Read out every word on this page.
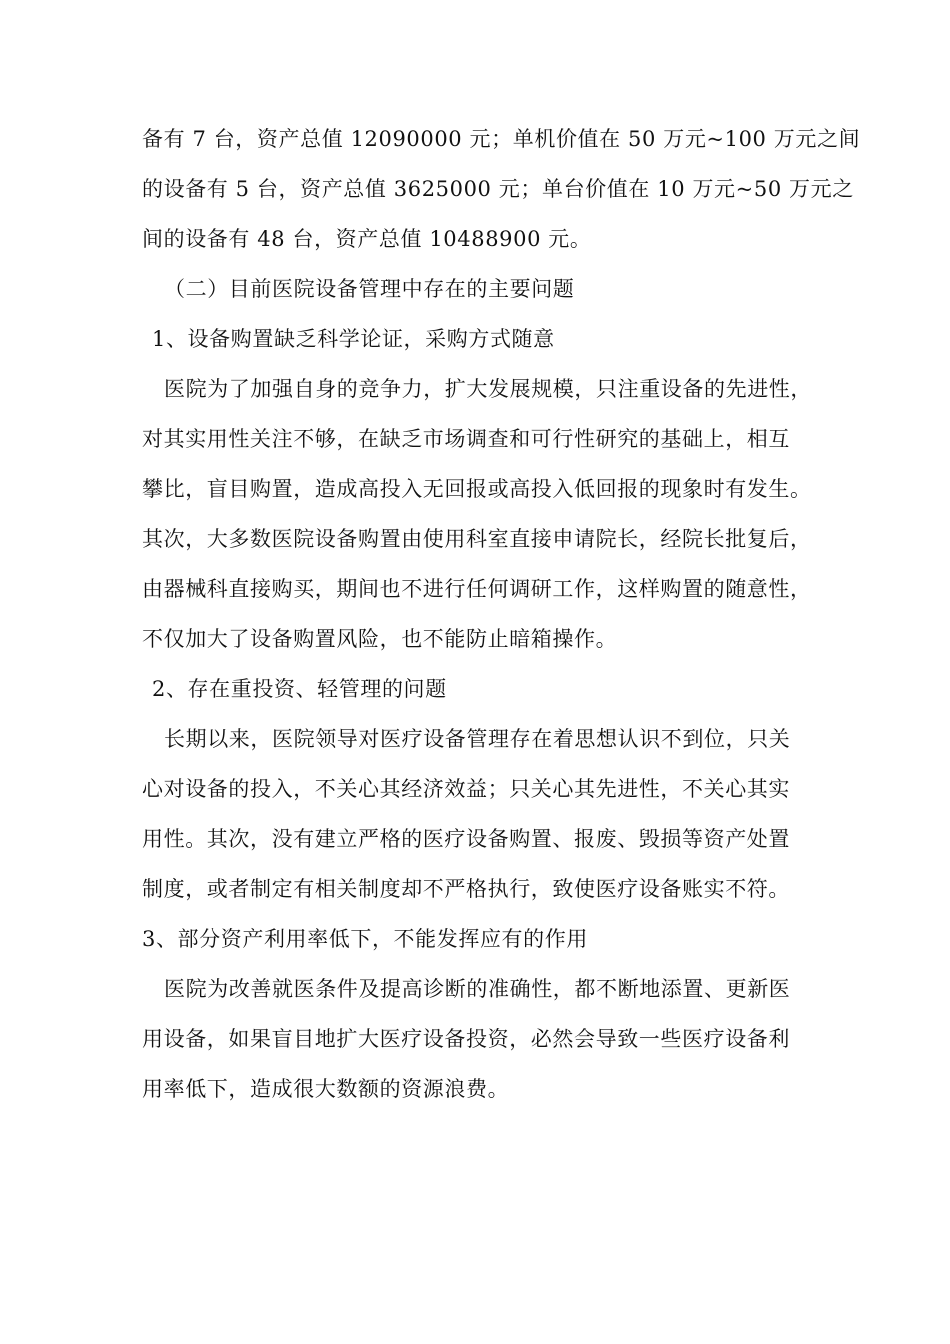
备有 7 台，资产总值 12090000 元；单机价值在 50 万元~100 万元之间
的设备有 5 台，资产总值 3625000 元；单台价值在 10 万元~50 万元之
间的设备有 48 台，资产总值 10488900 元。
（二）目前医院设备管理中存在的主要问题
1、设备购置缺乏科学论证，采购方式随意
医院为了加强自身的竞争力，扩大发展规模，只注重设备的先进性，
对其实用性关注不够，在缺乏市场调查和可行性研究的基础上，相互
攀比，盲目购置，造成高投入无回报或高投入低回报的现象时有发生。
其次，大多数医院设备购置由使用科室直接申请院长，经院长批复后，
由器械科直接购买，期间也不进行任何调研工作，这样购置的随意性，
不仅加大了设备购置风险，也不能防止暗箱操作。
2、存在重投资、轻管理的问题
长期以来，医院领导对医疗设备管理存在着思想认识不到位，只关
心对设备的投入，不关心其经济效益；只关心其先进性，不关心其实
用性。其次，没有建立严格的医疗设备购置、报废、毁损等资产处置
制度，或者制定有相关制度却不严格执行，致使医疗设备账实不符。
3、部分资产利用率低下，不能发挥应有的作用
医院为改善就医条件及提高诊断的准确性，都不断地添置、更新医
用设备，如果盲目地扩大医疗设备投资，必然会导致一些医疗设备利
用率低下，造成很大数额的资源浪费。
